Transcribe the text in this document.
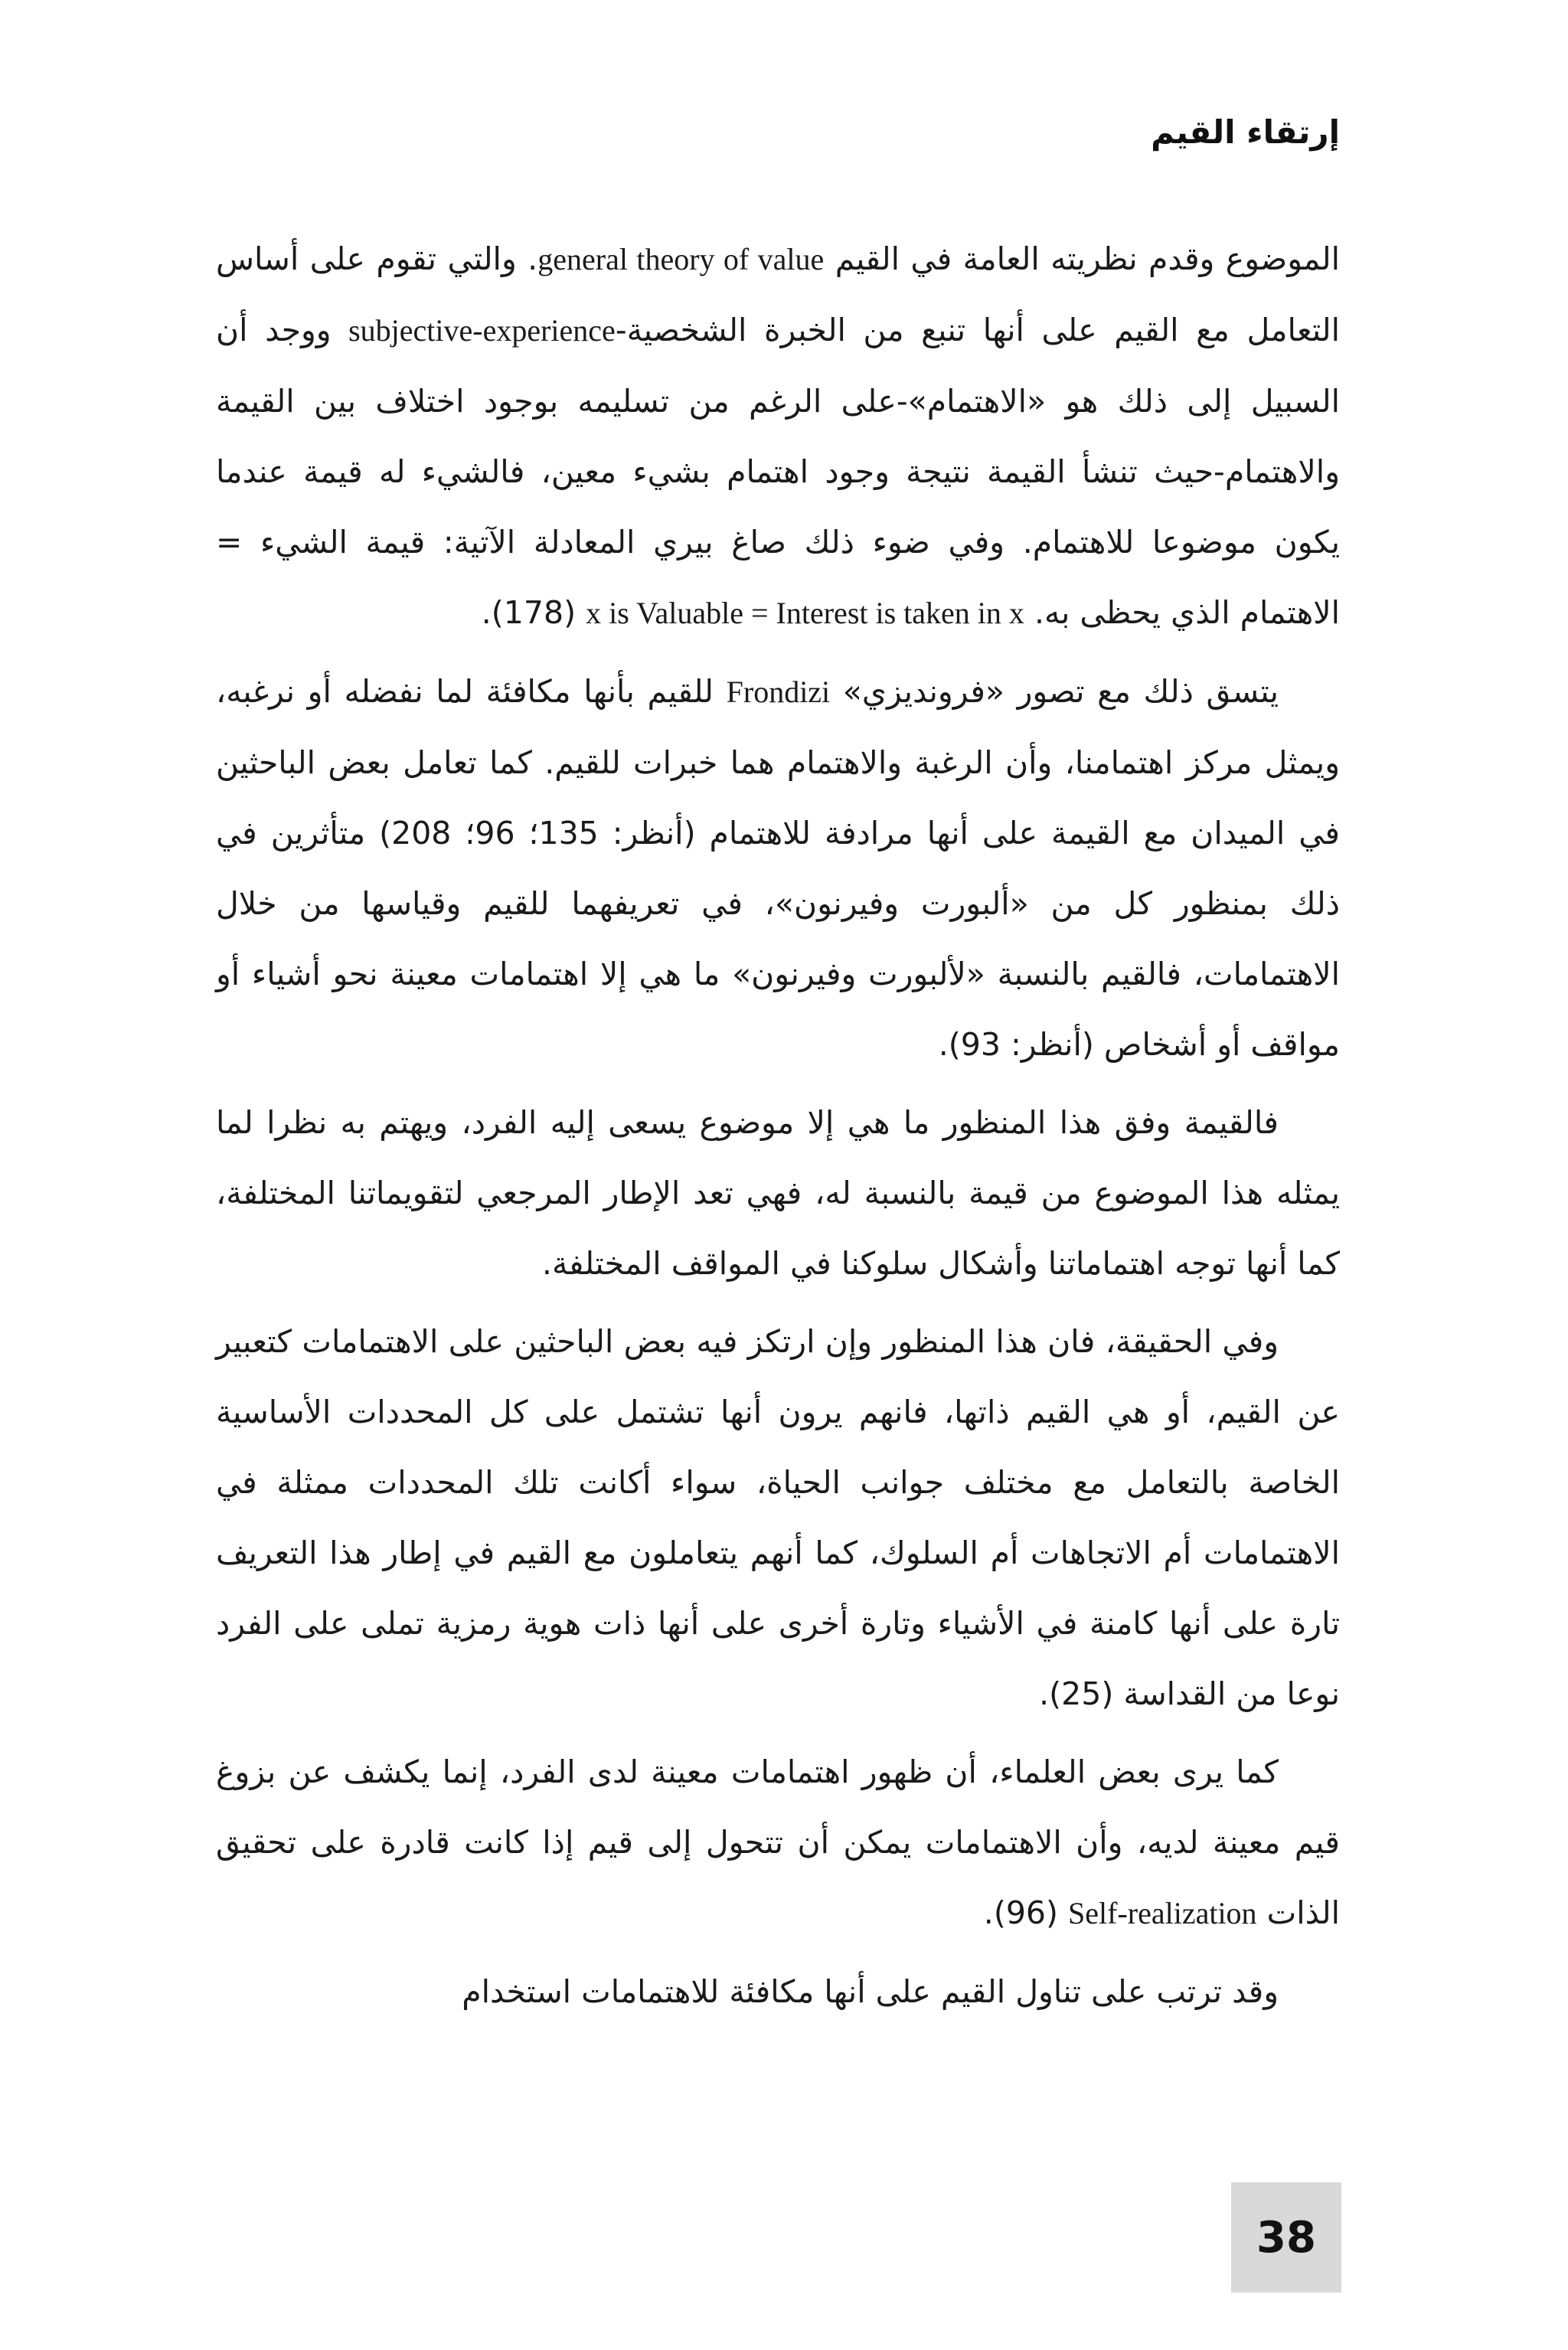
إرتقاء القيم

الموضوع وقدم نظريته العامة في القيم general theory of value. والتي تقوم على أساس التعامل مع القيم على أنها تنبع من الخبرة الشخصية-subjective-experience ووجد أن السبيل إلى ذلك هو «الاهتمام»-على الرغم من تسليمه بوجود اختلاف بين القيمة والاهتمام-حيث تنشأ القيمة نتيجة وجود اهتمام بشيء معين، فالشيء له قيمة عندما يكون موضوعا للاهتمام. وفي ضوء ذلك صاغ بيري المعادلة الآتية: قيمة الشيء = الاهتمام الذي يحظى به. x is Valuable = Interest is taken in x (178).

يتسق ذلك مع تصور «فروندیزي» Frondizi للقيم بأنها مكافئة لما نفضله أو نرغبه، ويمثل مركز اهتمامنا، وأن الرغبة والاهتمام هما خبرات للقيم. كما تعامل بعض الباحثين في الميدان مع القيمة على أنها مرادفة للاهتمام (أنظر: 135؛ 96؛ 208) متأثرين في ذلك بمنظور كل من «ألبورت وفيرنون»، في تعريفهما للقيم وقياسها من خلال الاهتمامات، فالقيم بالنسبة «لألبورت وفيرنون» ما هي إلا اهتمامات معينة نحو أشياء أو مواقف أو أشخاص (أنظر: 93).

فالقيمة وفق هذا المنظور ما هي إلا موضوع يسعى إليه الفرد، ويهتم به نظرا لما يمثله هذا الموضوع من قيمة بالنسبة له، فهي تعد الإطار المرجعي لتقويماتنا المختلفة، كما أنها توجه اهتماماتنا وأشكال سلوكنا في المواقف المختلفة.

وفي الحقيقة، فان هذا المنظور وإن ارتكز فيه بعض الباحثين على الاهتمامات كتعبير عن القيم، أو هي القيم ذاتها، فانهم يرون أنها تشتمل على كل المحددات الأساسية الخاصة بالتعامل مع مختلف جوانب الحياة، سواء أكانت تلك المحددات ممثلة في الاهتمامات أم الاتجاهات أم السلوك، كما أنهم يتعاملون مع القيم في إطار هذا التعريف تارة على أنها كامنة في الأشياء وتارة أخرى على أنها ذات هوية رمزية تملى على الفرد نوعا من القداسة (25).

كما يرى بعض العلماء، أن ظهور اهتمامات معينة لدى الفرد، إنما يكشف عن بزوغ قيم معينة لديه، وأن الاهتمامات يمكن أن تتحول إلى قيم إذا كانت قادرة على تحقيق الذات Self-realization (96).

وقد ترتب على تناول القيم على أنها مكافئة للاهتمامات استخدام

38
